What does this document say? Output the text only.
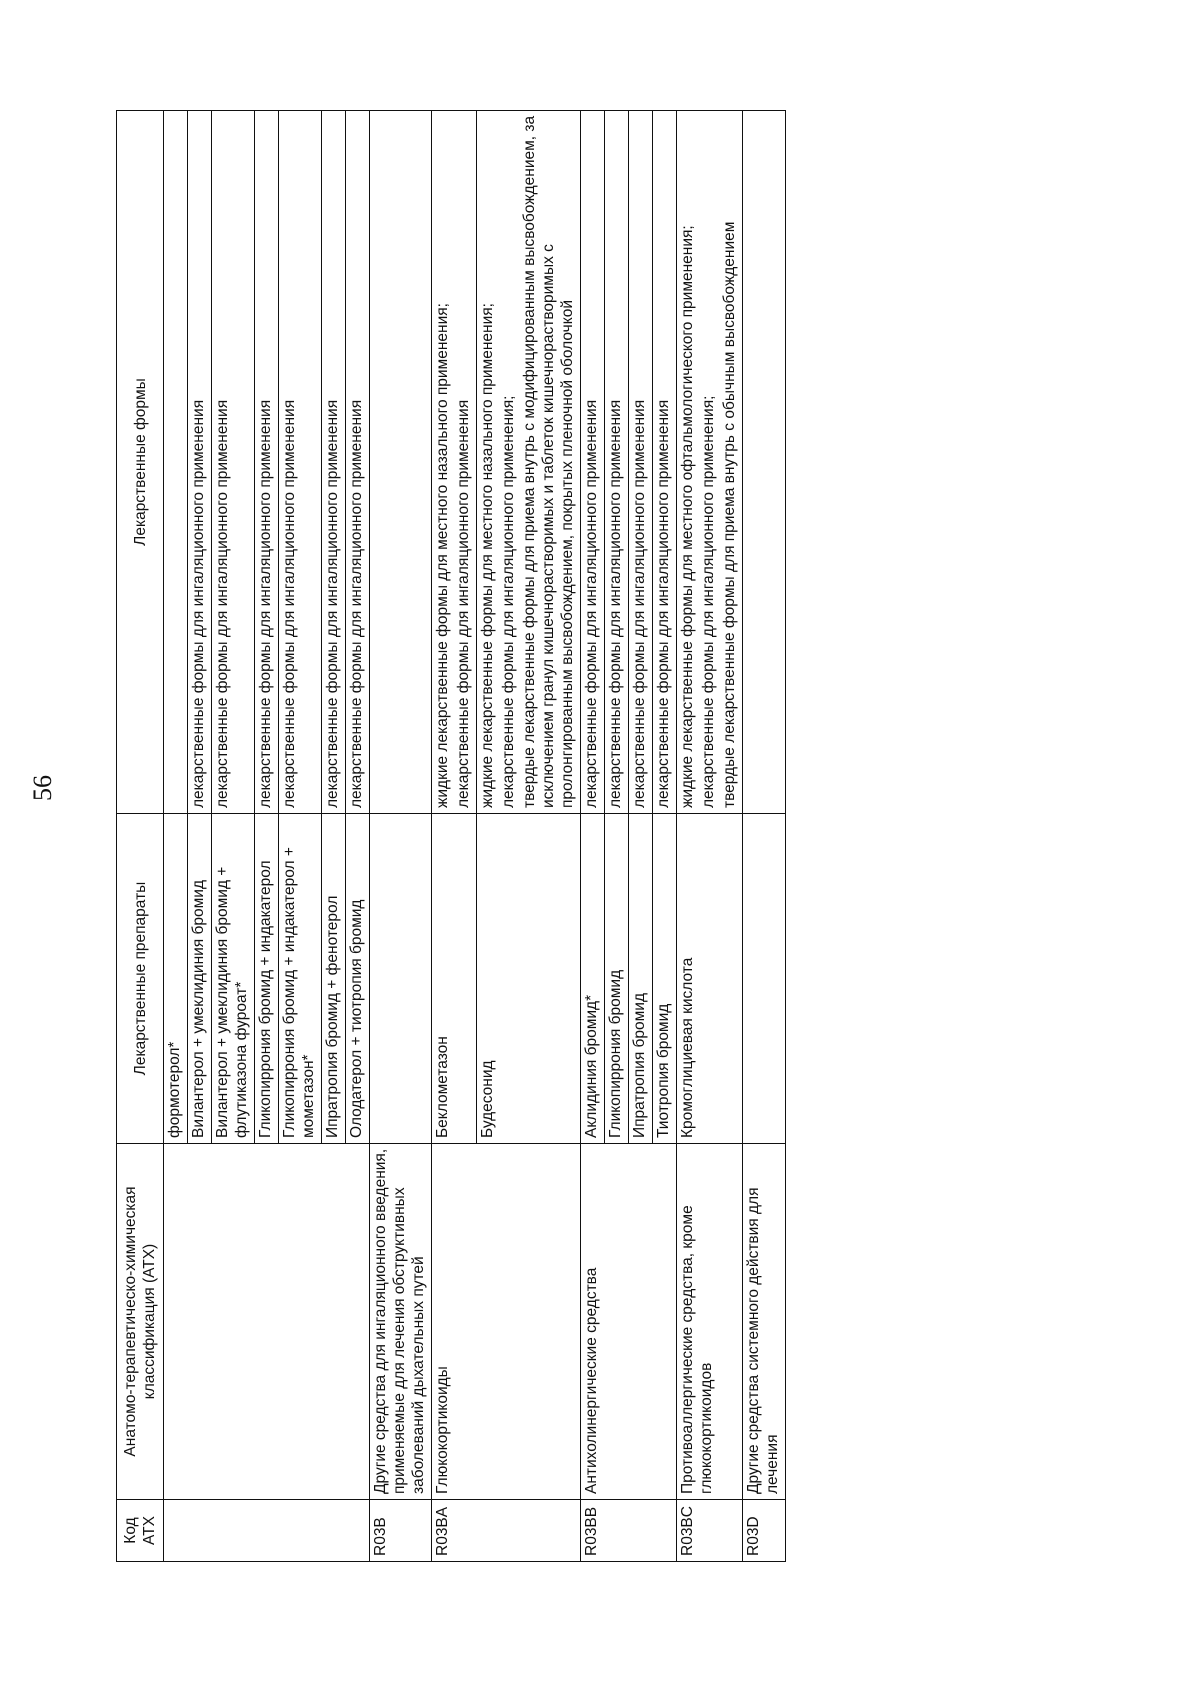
56
Код АТХ	Анатомо-терапевтическо-химическая классификация (АТХ)	Лекарственные препараты	Лекарственные формы
		формотерол*	
		Вилантерол + умеклидиния бромид	лекарственные формы для ингаляционного применения

		Вилантерол + умеклидиния бромид + флутиказона фуроат*	лекарственные формы для ингаляционного применения

		Гликопиррония бромид + индакатерол	лекарственные формы для ингаляционного применения

		Гликопиррония бромид + индакатерол + мометазон*	лекарственные формы для ингаляционного применения

		Ипратропия бромид + фенотерол	лекарственные формы для ингаляционного применения

		Олодатерол + тиотропия бромид	лекарственные формы для ингаляционного применения

R03B	Другие средства для ингаляционного введения, применяемые для лечения обструктивных заболеваний дыхательных путей		
R03BA	Глюкокортикоиды	Беклометазон	жидкие лекарственные формы для местного назального применения; лекарственные формы для ингаляционного применения

		Будесонид	жидкие лекарственные формы для местного назального применения; лекарственные формы для ингаляционного применения; твердые лекарственные формы для приема внутрь с модифицированным высвобождением, за исключением гранул кишечнорастворимых и таблеток кишечнорастворимых с пролонгированным высвобождением, покрытых пленочной оболочкой

R03BB	Антихолинергические средства	Аклидиния бромид*	лекарственные формы для ингаляционного применения

		Гликопиррония бромид	лекарственные формы для ингаляционного применения

		Ипратропия бромид	лекарственные формы для ингаляционного применения

		Тиотропия бромид	лекарственные формы для ингаляционного применения

R03BC	Противоаллергические средства, кроме глюкокортикоидов	Кромоглициевая кислота	жидкие лекарственные формы для местного офтальмологического применения; лекарственные формы для ингаляционного применения; твердые лекарственные формы для приема внутрь с обычным высвобождением

R03D	Другие средства системного действия для лечения		
